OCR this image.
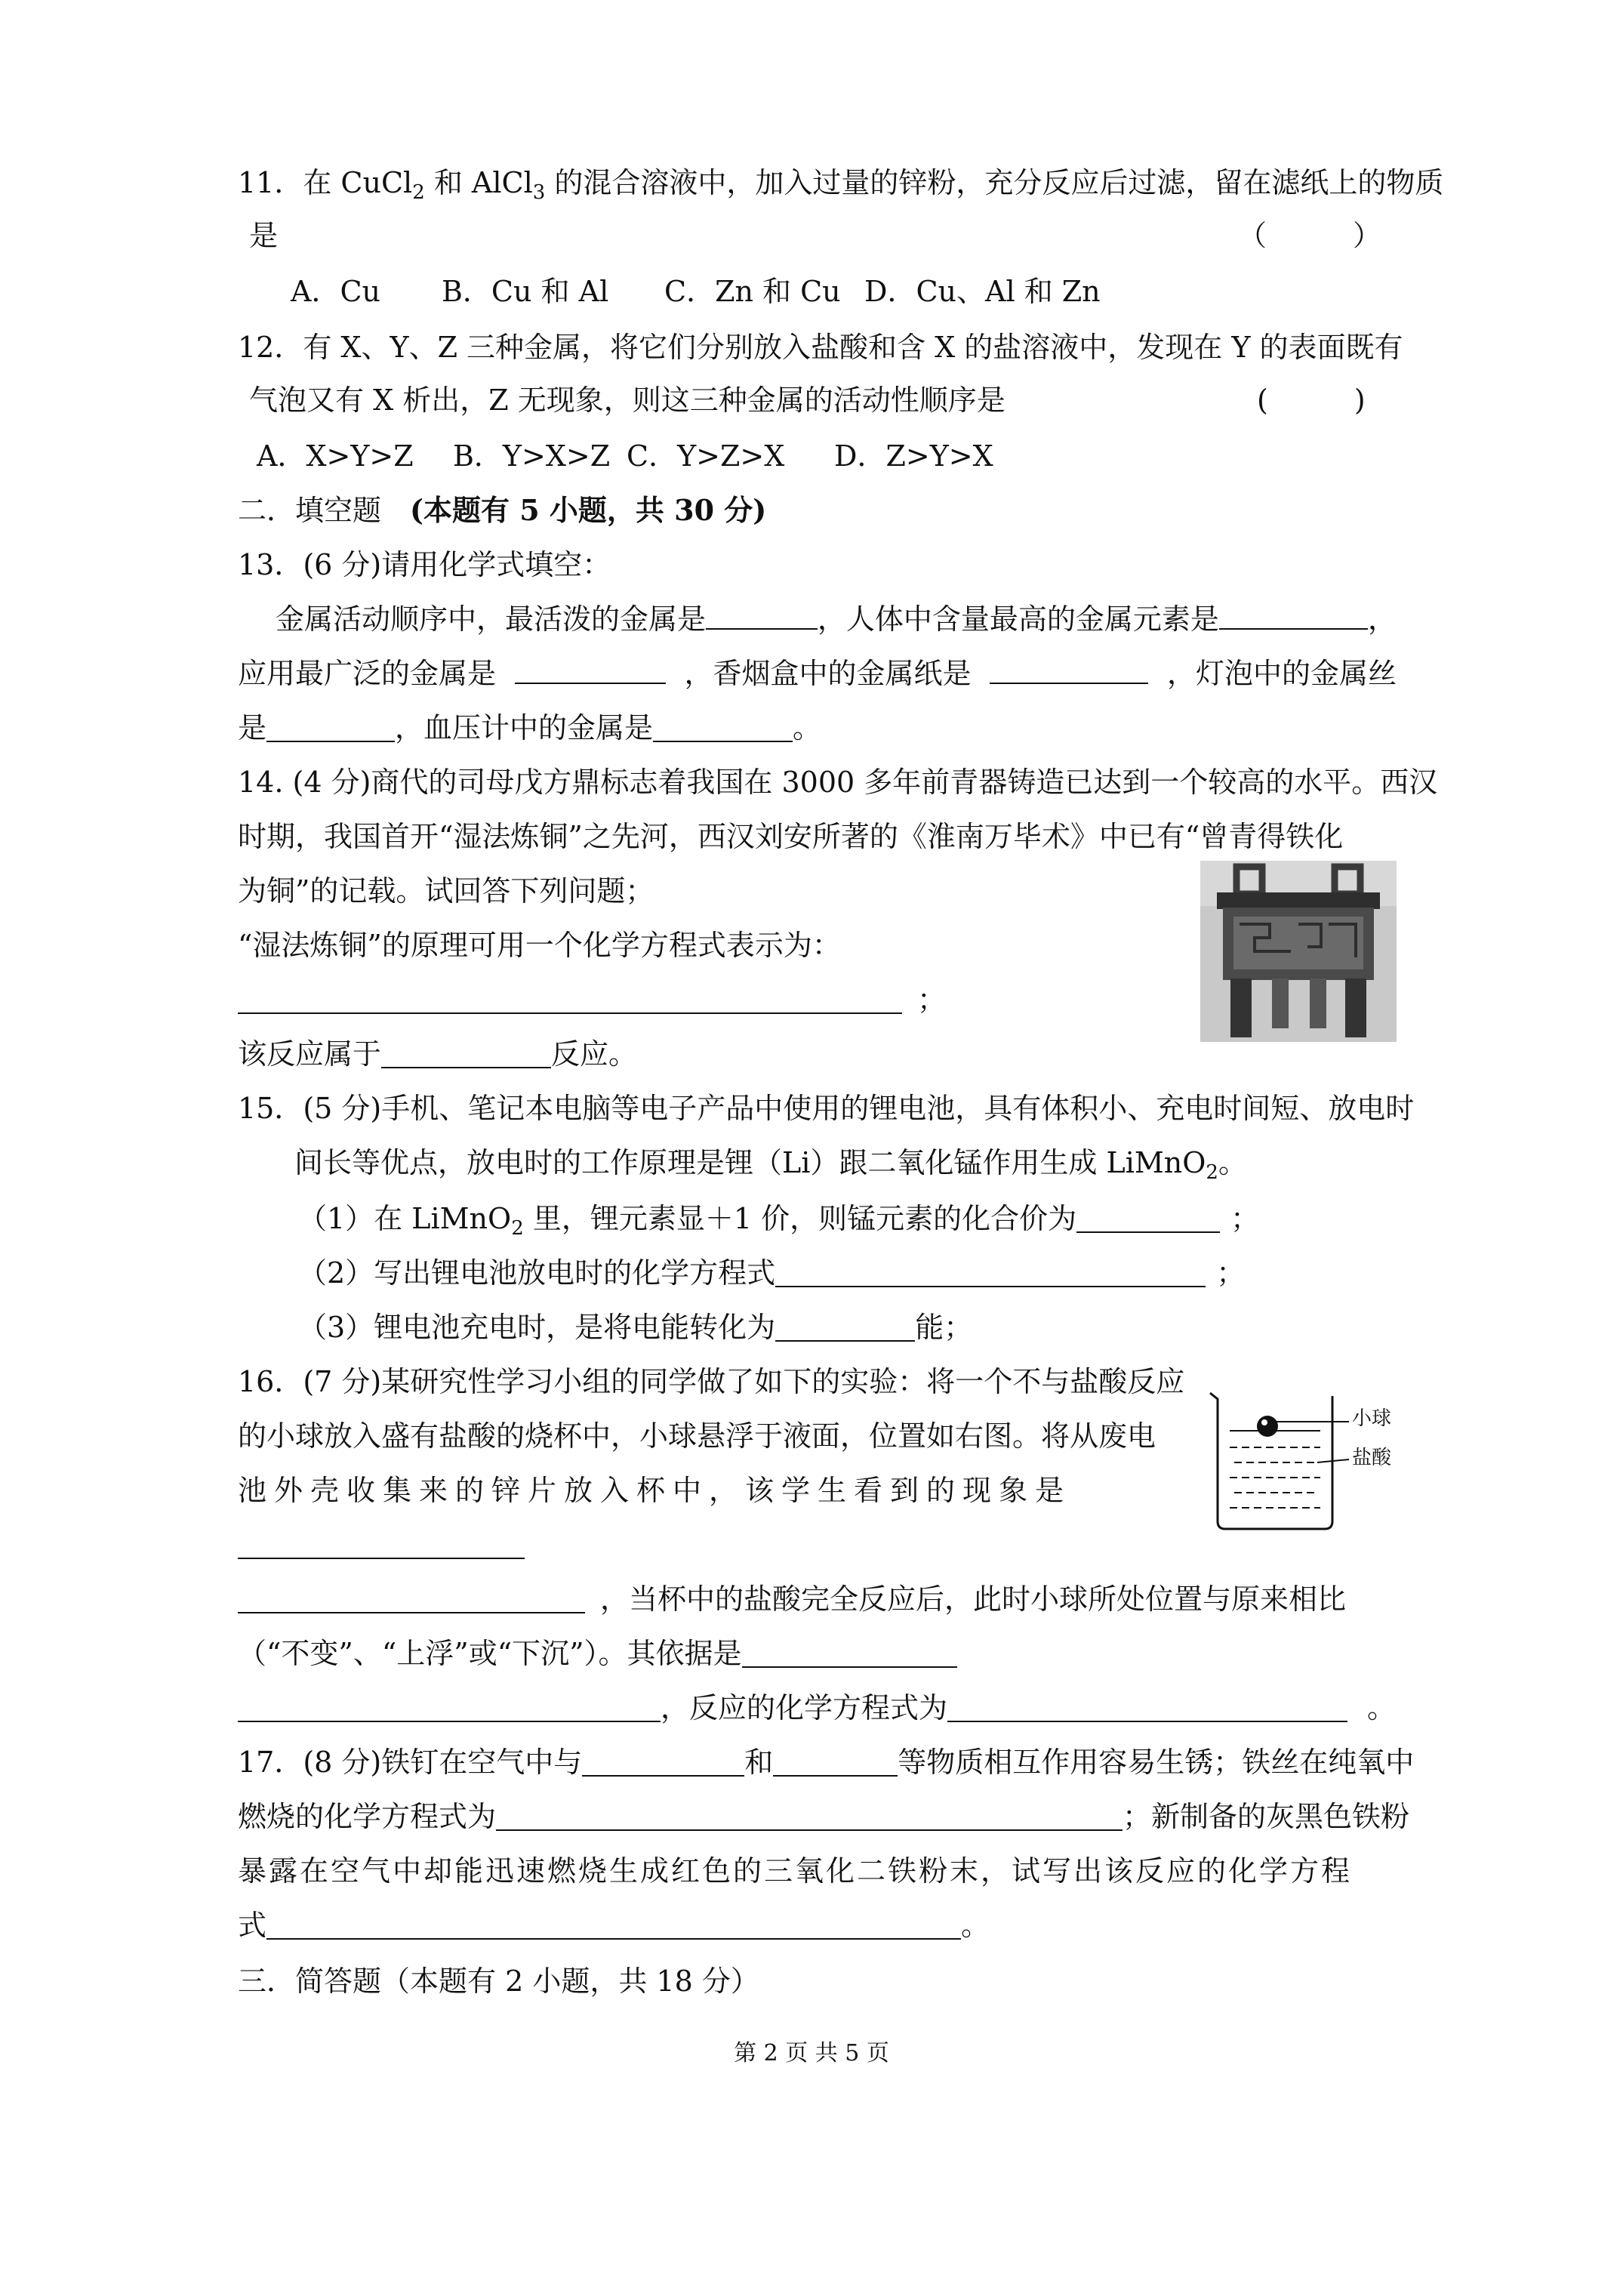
11．在 CuCl$_2$ 和 AlCl$_3$ 的混合溶液中，加入过量的锌粉，充分反应后过滤，留在滤纸上的物质
是	（　　　）
A．Cu B．Cu 和 Al C．Zn 和 Cu D．Cu、Al 和 Zn
12．有 X、Y、Z 三种金属，将它们分别放入盐酸和含 X 的盐溶液中，发现在 Y 的表面既有
气泡又有 X 析出，Z 无现象，则这三种金属的活动性顺序是	(　　　)
A．X>Y>Z B．Y>X>Z C．Y>Z>X D．Z>Y>X
二．填空题　(本题有 5 小题，共 30 分)
13．(6 分)请用化学式填空：
金属活动顺序中，最活泼的金属是	，人体中含量最高的金属元素是	，
应用最广泛的金属是	，香烟盒中的金属纸是	，灯泡中的金属丝
是	，血压计中的金属是	。
14. (4 分)商代的司母戊方鼎标志着我国在 3000 多年前青器铸造已达到一个较高的水平。西汉
时期，我国首开“湿法炼铜”之先河，西汉刘安所著的《淮南万毕术》中已有“曾青得铁化
为铜”的记载。试回答下列问题；
“湿法炼铜”的原理可用一个化学方程式表示为：
；
该反应属于	反应。
15．(5 分)手机、笔记本电脑等电子产品中使用的锂电池，具有体积小、充电时间短、放电时
间长等优点，放电时的工作原理是锂（Li）跟二氧化锰作用生成 LiMnO$_2$。
（1）在 LiMnO$_2$ 里，锂元素显＋1 价，则锰元素的化合价为	；
（2）写出锂电池放电时的化学方程式	；
（3）锂电池充电时，是将电能转化为	能；
16．(7 分)某研究性学习小组的同学做了如下的实验：将一个不与盐酸反应
的小球放入盛有盐酸的烧杯中，小球悬浮于液面，位置如右图。将从废电
池外壳收集来的锌片放入杯中，该学生看到的现象是
，当杯中的盐酸完全反应后，此时小球所处位置与原来相比
（“不变”、“上浮”或“下沉”）。其依据是
，反应的化学方程式为	。
小球
盐酸
17．(8 分)铁钉在空气中与	和	等物质相互作用容易生锈；铁丝在纯氧中
燃烧的化学方程式为	；新制备的灰黑色铁粉
暴露在空气中却能迅速燃烧生成红色的三氧化二铁粉末，试写出该反应的化学方程
式	。
三．简答题（本题有 2 小题，共 18 分）
第 2 页 共 5 页
